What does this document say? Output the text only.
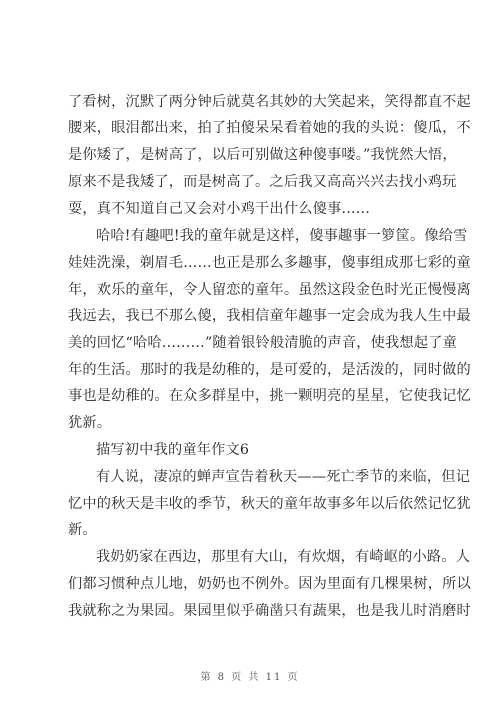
了看树，沉默了两分钟后就莫名其妙的大笑起来，笑得都直不起
腰来，眼泪都出来，拍了拍傻呆呆看着她的我的头说：傻瓜，不
是你矮了，是树高了，以后可别做这种傻事喽。”我恍然大悟，
原来不是我矮了，而是树高了。之后我又高高兴兴去找小鸡玩
耍，真不知道自己又会对小鸡干出什么傻事……
哈哈!有趣吧!我的童年就是这样，傻事趣事一箩筐。像给雪
娃娃洗澡，剃眉毛……也正是那么多趣事，傻事组成那七彩的童
年，欢乐的童年，令人留恋的童年。虽然这段金色时光正慢慢离
我远去，我已不那么傻，我相信童年趣事一定会成为我人生中最
美的回忆“哈哈………”随着银铃般清脆的声音，使我想起了童
年的生活。那时的我是幼稚的，是可爱的，是活泼的，同时做的
事也是幼稚的。在众多群星中，挑一颗明亮的星星，它使我记忆
犹新。
描写初中我的童年作文6
有人说，凄凉的蝉声宣告着秋天——死亡季节的来临，但记
忆中的秋天是丰收的季节，秋天的童年故事多年以后依然记忆犹
新。
我奶奶家在西边，那里有大山，有炊烟，有崎岖的小路。人
们都习惯种点儿地，奶奶也不例外。因为里面有几棵果树，所以
我就称之为果园。果园里似乎确凿只有蔬果，也是我儿时消磨时
第 8 页 共 11 页
